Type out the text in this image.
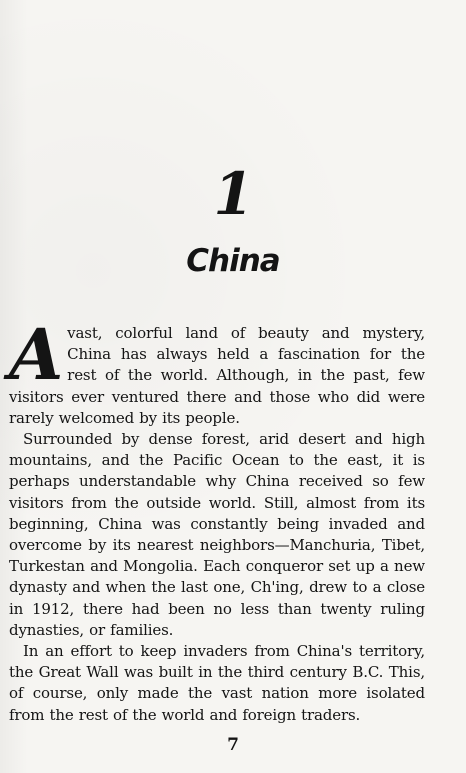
1
China

Avast, colorful land of beauty and mystery, China has always held a fascination for the rest of the world. Although, in the past, few visitors ever ventured there and those who did were rarely welcomed by its people.

Surrounded by dense forest, arid desert and high mountains, and the Pacific Ocean to the east, it is perhaps understandable why China received so few visitors from the outside world. Still, almost from its beginning, China was constantly being invaded and overcome by its nearest neighbors—Manchuria, Tibet, Turkestan and Mongolia. Each conqueror set up a new dynasty and when the last one, Ch'ing, drew to a close in 1912, there had been no less than twenty ruling dynasties, or families.

In an effort to keep invaders from China's territory, the Great Wall was built in the third century B.C. This, of course, only made the vast nation more isolated from the rest of the world and foreign traders.

7
